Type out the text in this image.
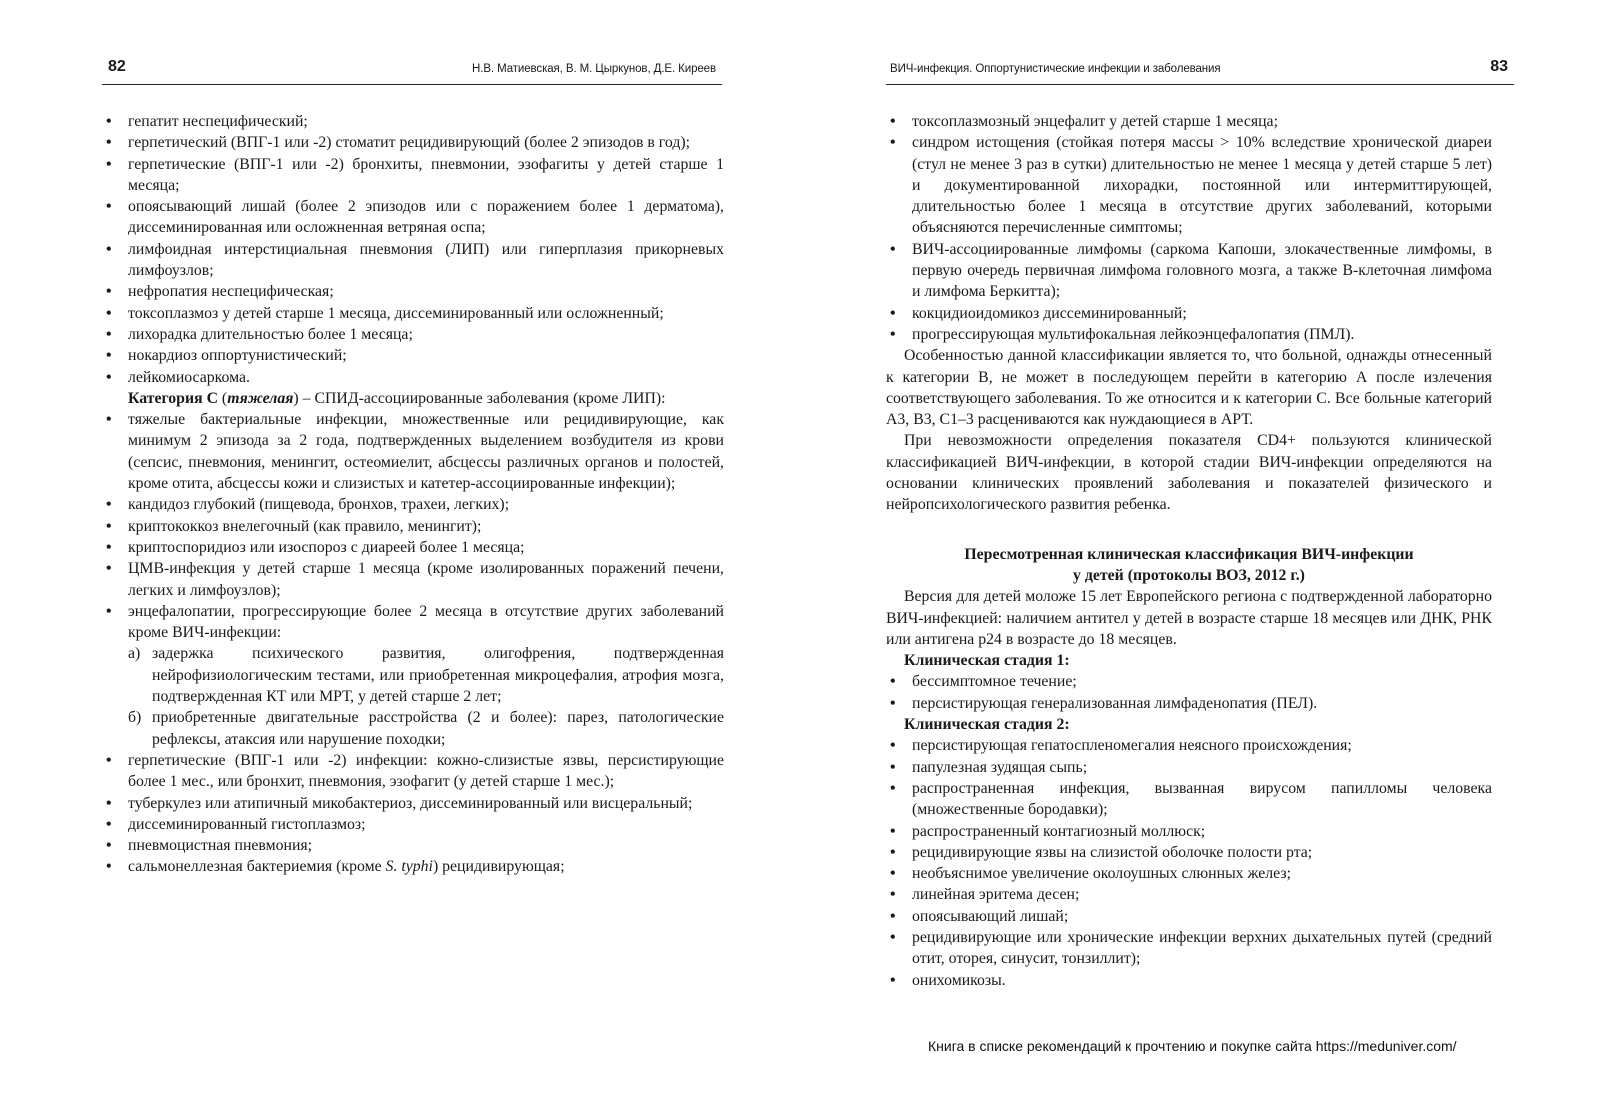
82	Н.В. Матиевская, В. М. Цыркунов, Д.Е. Киреев
• гепатит неспецифический;
• герпетический (ВПГ-1 или -2) стоматит рецидивирующий (более 2 эпизодов в год);
• герпетические (ВПГ-1 или -2) бронхиты, пневмонии, эзофагиты у детей старше 1 месяца;
• опоясывающий лишай (более 2 эпизодов или с поражением более 1 дерматома), диссеминированная или осложненная ветряная оспа;
• лимфоидная интерстициальная пневмония (ЛИП) или гиперплазия прикорневых лимфоузлов;
• нефропатия неспецифическая;
• токсоплазмоз у детей старше 1 месяца, диссеминированный или осложненный;
• лихорадка длительностью более 1 месяца;
• нокардиоз оппортунистический;
• лейкомиосаркома.

Категория С (тяжелая) – СПИД-ассоциированные заболевания (кроме ЛИП):

• тяжелые бактериальные инфекции, множественные или рецидивирующие, как минимум 2 эпизода за 2 года, подтвержденных выделением возбудителя из крови (сепсис, пневмония, менингит, остеомиелит, абсцессы различных органов и полостей, кроме отита, абсцессы кожи и слизистых и катетер-ассоциированные инфекции);
• кандидоз глубокий (пищевода, бронхов, трахеи, легких);
• криптококкоз внелегочный (как правило, менингит);
• криптоспоридиоз или изоспороз с диареей более 1 месяца;
• ЦМВ-инфекция у детей старше 1 месяца (кроме изолированных поражений печени, легких и лимфоузлов);
• энцефалопатии, прогрессирующие более 2 месяца в отсутствие других заболеваний кроме ВИЧ-инфекции:
а) задержка психического развития, олигофрения, подтвержденная нейрофизиологическим тестами, или приобретенная микроцефалия, атрофия мозга, подтвержденная КТ или МРТ, у детей старше 2 лет;
б) приобретенные двигательные расстройства (2 и более): парез, патологические рефлексы, атаксия или нарушение походки;
• герпетические (ВПГ-1 или -2) инфекции: кожно-слизистые язвы, персистирующие более 1 мес., или бронхит, пневмония, эзофагит (у детей старше 1 мес.);
• туберкулез или атипичный микобактериоз, диссеминированный или висцеральный;
• диссеминированный гистоплазмоз;
• пневмоцистная пневмония;
• сальмонеллезная бактериемия (кроме S. typhi) рецидивирующая;
ВИЧ-инфекция. Оппортунистические инфекции и заболевания	83
• токсоплазмозный энцефалит у детей старше 1 месяца;
• синдром истощения (стойкая потеря массы > 10% вследствие хронической диареи (стул не менее 3 раз в сутки) длительностью не менее 1 месяца у детей старше 5 лет) и документированной лихорадки, постоянной или интермиттирующей, длительностью более 1 месяца в отсутствие других заболеваний, которыми объясняются перечисленные симптомы;
• ВИЧ-ассоциированные лимфомы (саркома Капоши, злокачественные лимфомы, в первую очередь первичная лимфома головного мозга, а также В-клеточная лимфома и лимфома Беркитта);
• кокцидиоидомикоз диссеминированный;
• прогрессирующая мультифокальная лейкоэнцефалопатия (ПМЛ).

Особенностью данной классификации является то, что больной, однажды отнесенный к категории В, не может в последующем перейти в категорию А после излечения соответствующего заболевания. То же относится и к категории С. Все больные категорий А3, В3, С1–3 расцениваются как нуждающиеся в АРТ.

При невозможности определения показателя CD4+ пользуются клинической классификацией ВИЧ-инфекции, в которой стадии ВИЧ-инфекции определяются на основании клинических проявлений заболевания и показателей физического и нейропсихологического развития ребенка.

Пересмотренная клиническая классификация ВИЧ-инфекции
у детей (протоколы ВОЗ, 2012 г.)

Версия для детей моложе 15 лет Европейского региона с подтвержденной лабораторно ВИЧ-инфекцией: наличием антител у детей в возрасте старше 18 месяцев или ДНК, РНК или антигена р24 в возрасте до 18 месяцев.

Клиническая стадия 1:

• бессимптомное течение;
• персистирующая генерализованная лимфаденопатия (ПЕЛ).

Клиническая стадия 2:

• персистирующая гепатоспленомегалия неясного происхождения;
• папулезная зудящая сыпь;
• распространенная инфекция, вызванная вирусом папилломы человека (множественные бородавки);
• распространенный контагиозный моллюск;
• рецидивирующие язвы на слизистой оболочке полости рта;
• необъяснимое увеличение околоушных слюнных желез;
• линейная эритема десен;
• опоясывающий лишай;
• рецидивирующие или хронические инфекции верхних дыхательных путей (средний отит, оторея, синусит, тонзиллит);
• онихомикозы.
Книга в списке рекомендаций к прочтению и покупке сайта https://meduniver.com/
